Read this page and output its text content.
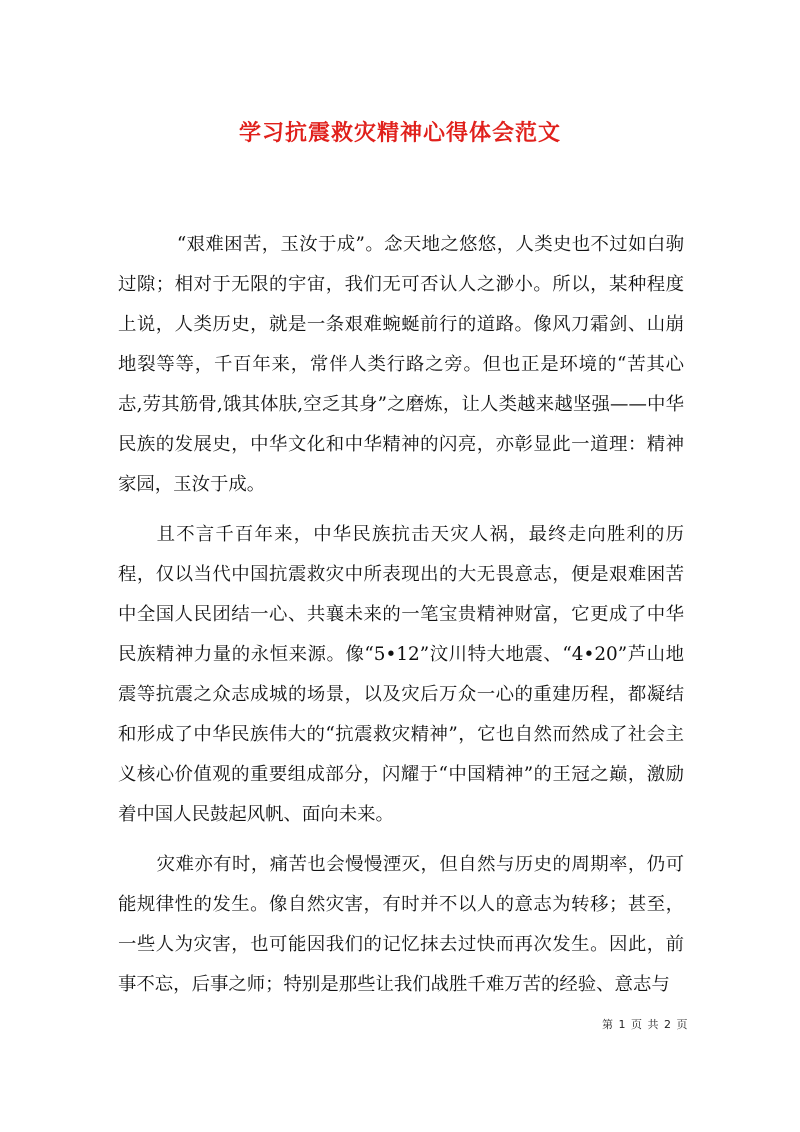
学习抗震救灾精神心得体会范文

“艰难困苦，玉汝于成”。念天地之悠悠，人类史也不过如白驹过隙；相对于无限的宇宙，我们无可否认人之渺小。所以，某种程度上说，人类历史，就是一条艰难蜿蜒前行的道路。像风刀霜剑、山崩地裂等等，千百年来，常伴人类行路之旁。但也正是环境的“苦其心志,劳其筋骨,饿其体肤,空乏其身”之磨炼，让人类越来越坚强——中华民族的发展史，中华文化和中华精神的闪亮，亦彰显此一道理：精神家园，玉汝于成。

且不言千百年来，中华民族抗击天灾人祸，最终走向胜利的历程，仅以当代中国抗震救灾中所表现出的大无畏意志，便是艰难困苦中全国人民团结一心、共襄未来的一笔宝贵精神财富，它更成了中华民族精神力量的永恒来源。像“5•12”汶川特大地震、“4•20”芦山地震等抗震之众志成城的场景，以及灾后万众一心的重建历程，都凝结和形成了中华民族伟大的“抗震救灾精神”，它也自然而然成了社会主义核心价值观的重要组成部分，闪耀于“中国精神”的王冠之巅，激励着中国人民鼓起风帆、面向未来。

灾难亦有时，痛苦也会慢慢湮灭，但自然与历史的周期率，仍可能规律性的发生。像自然灾害，有时并不以人的意志为转移；甚至，一些人为灾害，也可能因我们的记忆抹去过快而再次发生。因此，前事不忘，后事之师；特别是那些让我们战胜千难万苦的经验、意志与

第 1 页 共 2 页
